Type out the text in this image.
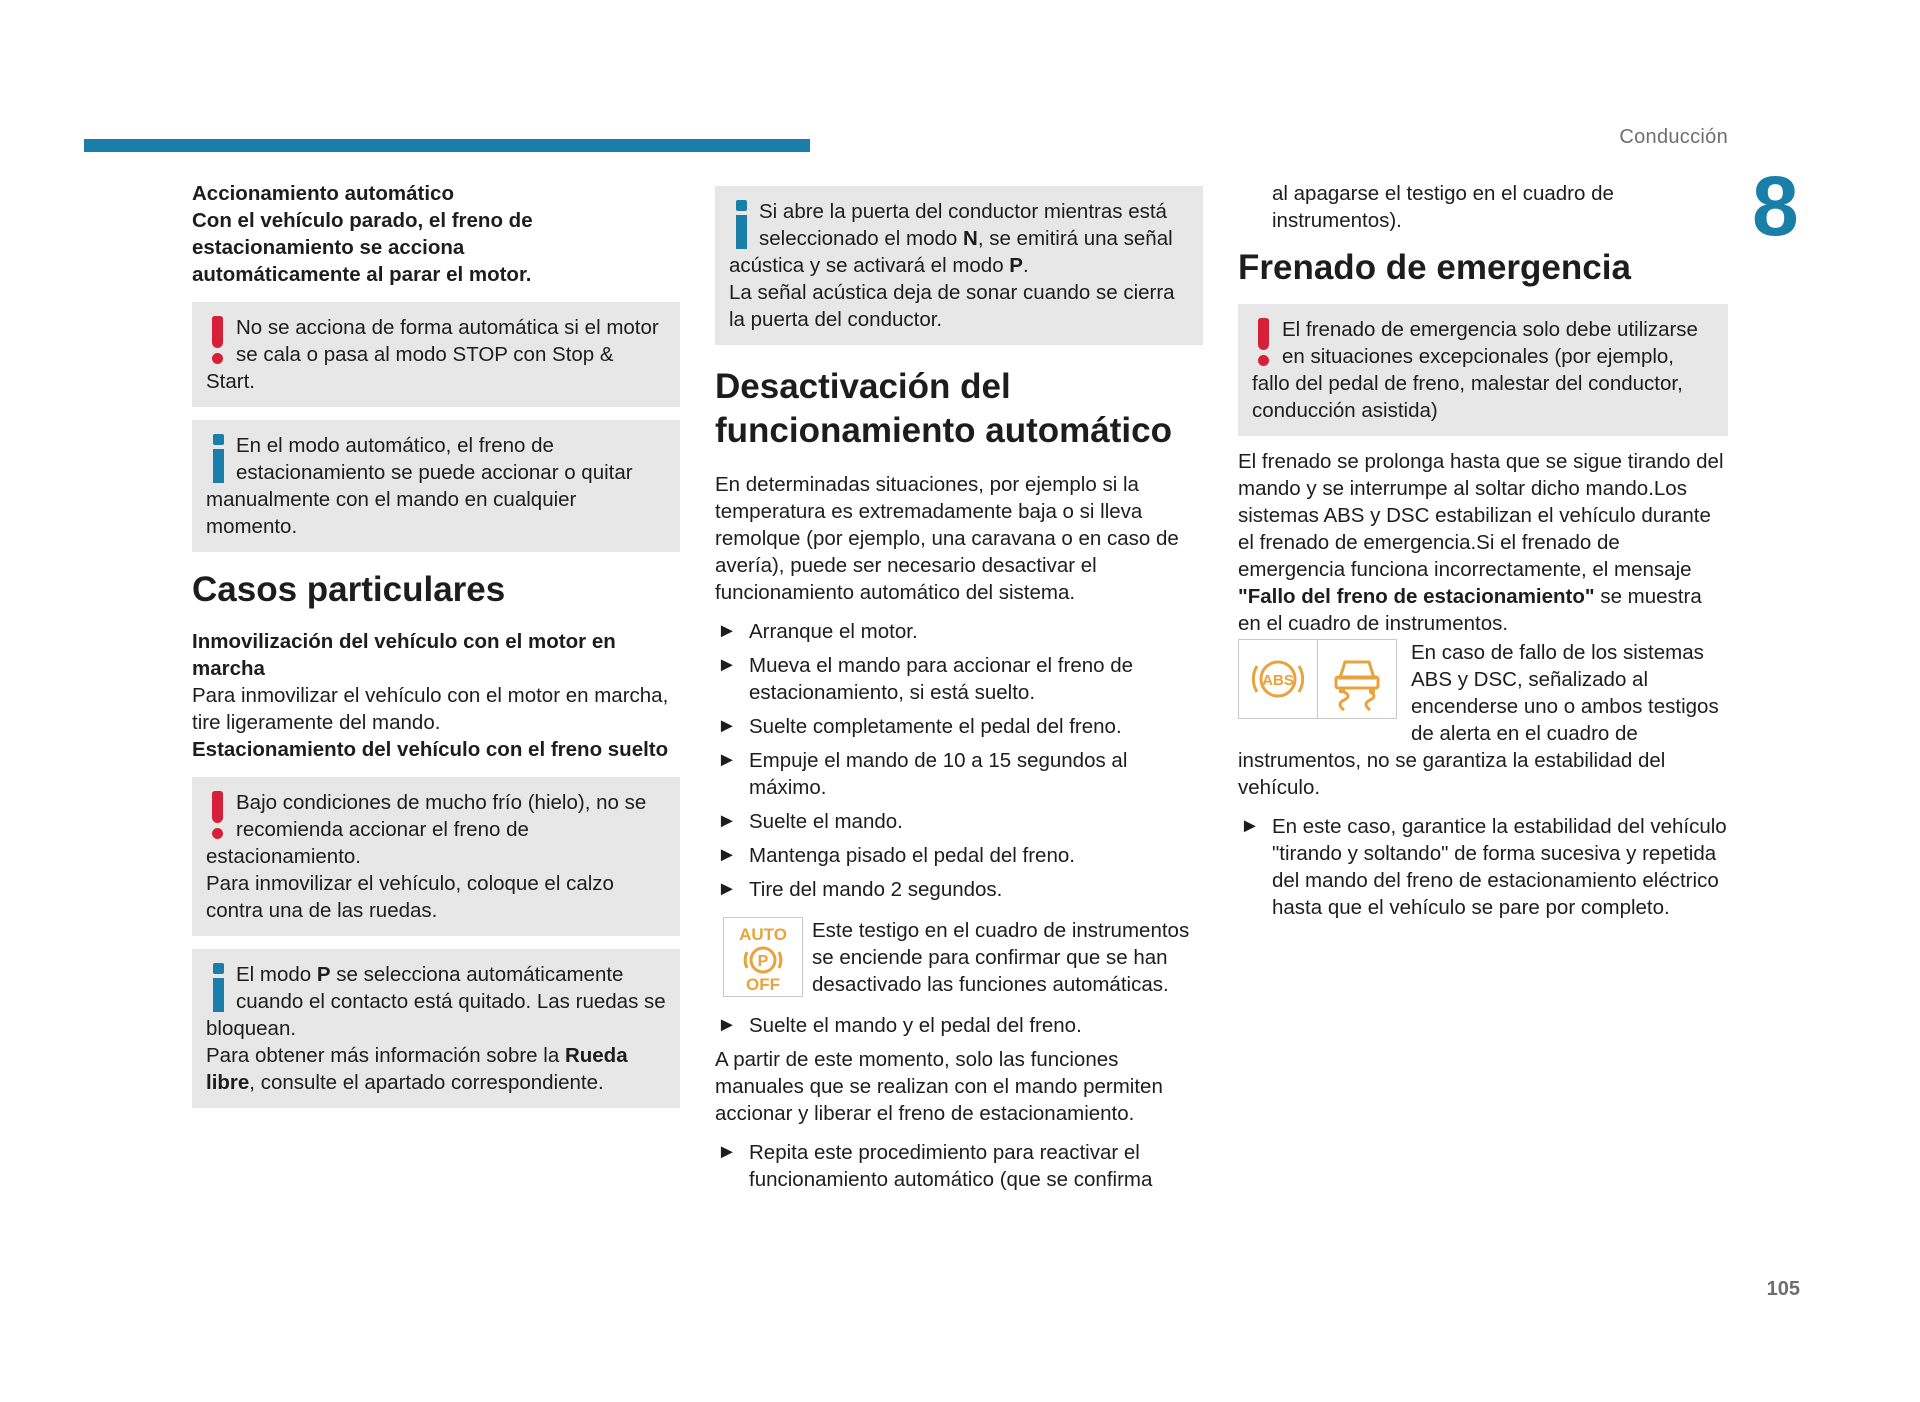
Conducción
8
Accionamiento automático
Con el vehículo parado, el freno de estacionamiento se acciona automáticamente al parar el motor.
No se acciona de forma automática si el motor se cala o pasa al modo STOP con Stop & Start.
En el modo automático, el freno de estacionamiento se puede accionar o quitar manualmente con el mando en cualquier momento.
Casos particulares
Inmovilización del vehículo con el motor en marcha
Para inmovilizar el vehículo con el motor en marcha, tire ligeramente del mando.
Estacionamiento del vehículo con el freno suelto
Bajo condiciones de mucho frío (hielo), no se recomienda accionar el freno de estacionamiento.
Para inmovilizar el vehículo, coloque el calzo contra una de las ruedas.
El modo P se selecciona automáticamente cuando el contacto está quitado. Las ruedas se bloquean.
Para obtener más información sobre la Rueda libre, consulte el apartado correspondiente.
Si abre la puerta del conductor mientras está seleccionado el modo N, se emitirá una señal acústica y se activará el modo P.
La señal acústica deja de sonar cuando se cierra la puerta del conductor.
Desactivación del funcionamiento automático
En determinadas situaciones, por ejemplo si la temperatura es extremadamente baja o si lleva remolque (por ejemplo, una caravana o en caso de avería), puede ser necesario desactivar el funcionamiento automático del sistema.
► Arranque el motor.
► Mueva el mando para accionar el freno de estacionamiento, si está suelto.
► Suelte completamente el pedal del freno.
► Empuje el mando de 10 a 15 segundos al máximo.
► Suelte el mando.
► Mantenga pisado el pedal del freno.
► Tire del mando 2 segundos.
AUTO
P
OFF
Este testigo en el cuadro de instrumentos se enciende para confirmar que se han desactivado las funciones automáticas.
► Suelte el mando y el pedal del freno.
A partir de este momento, solo las funciones manuales que se realizan con el mando permiten accionar y liberar el freno de estacionamiento.
► Repita este procedimiento para reactivar el funcionamiento automático (que se confirma
al apagarse el testigo en el cuadro de instrumentos).
Frenado de emergencia
El frenado de emergencia solo debe utilizarse en situaciones excepcionales (por ejemplo, fallo del pedal de freno, malestar del conductor, conducción asistida)
El frenado se prolonga hasta que se sigue tirando del mando y se interrumpe al soltar dicho mando.Los sistemas ABS y DSC estabilizan el vehículo durante el frenado de emergencia.Si el frenado de emergencia funciona incorrectamente, el mensaje "Fallo del freno de estacionamiento" se muestra en el cuadro de instrumentos.
ABS
En caso de fallo de los sistemas ABS y DSC, señalizado al encenderse uno o ambos testigos de alerta en el cuadro de instrumentos, no se garantiza la estabilidad del vehículo.
► En este caso, garantice la estabilidad del vehículo "tirando y soltando" de forma sucesiva y repetida del mando del freno de estacionamiento eléctrico hasta que el vehículo se pare por completo.
105
